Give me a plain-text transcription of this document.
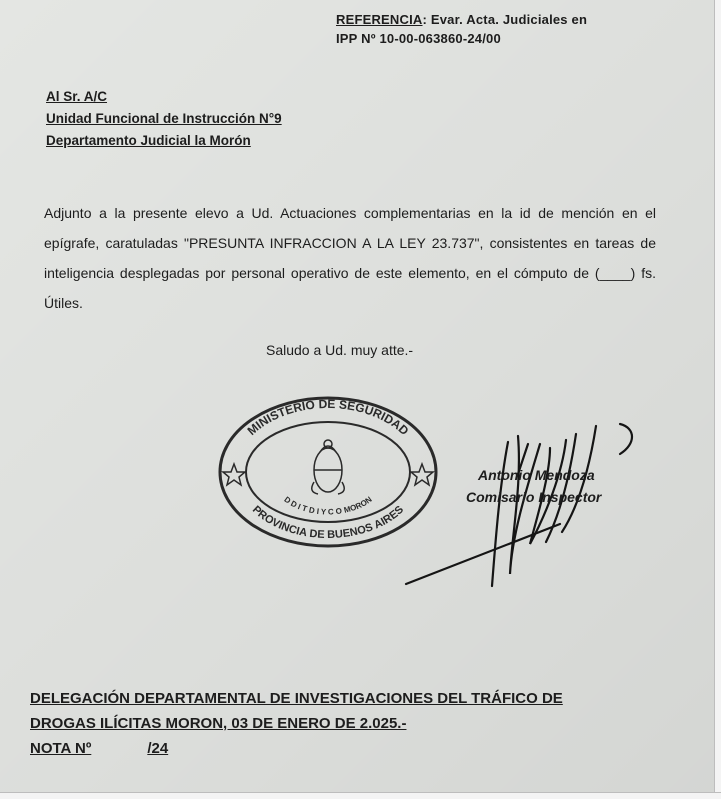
REFERENCIA: Evar. Acta. Judiciales en
IPP Nº 10-00-063860-24/00
Al Sr. A/C
Unidad Funcional de Instrucción N°9
Departamento Judicial la Morón
Adjunto a la presente elevo a Ud. Actuaciones complementarias en la id de mención en el epígrafe, caratuladas "PRESUNTA INFRACCION A LA LEY 23.737", consistentes en tareas de inteligencia desplegadas por personal operativo de este elemento, en el cómputo de (____) fs. Útiles.
Saludo a Ud. muy atte.-
MINISTERIO DE SEGURIDAD
PROVINCIA DE BUENOS AIRES
D D I T D I Y C O MORON
Antonio Mendoza
Comisario Inspector
DELEGACIÓN DEPARTAMENTAL DE INVESTIGACIONES DEL TRÁFICO DE
DROGAS ILÍCITAS MORON, 03 DE ENERO DE 2.025.-
NOTA Nº	/24
